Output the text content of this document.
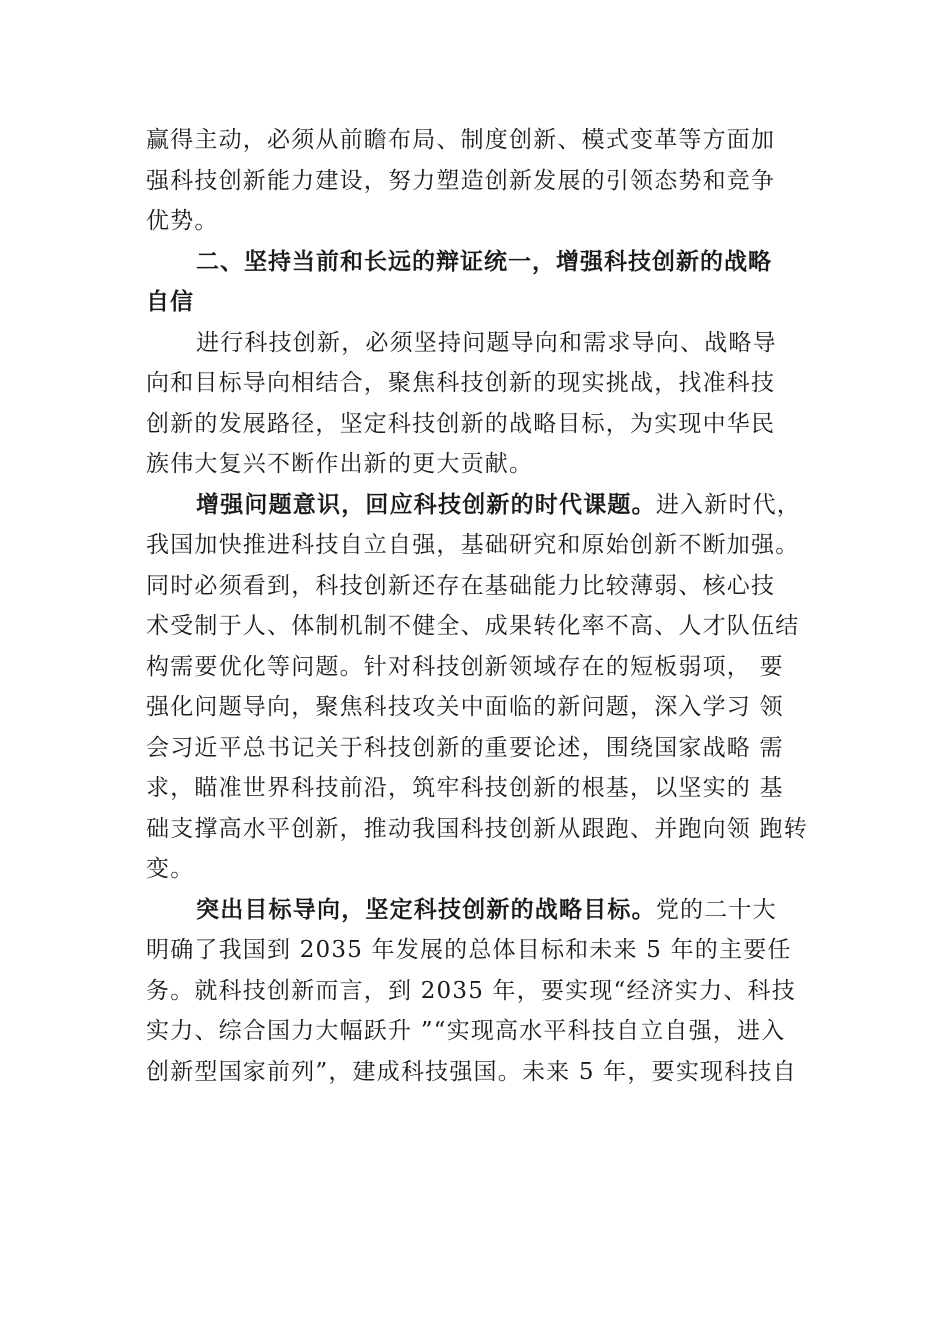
赢得主动，必须从前瞻布局、制度创新、模式变革等方面加
强科技创新能力建设，努力塑造创新发展的引领态势和竞争
优势。
二、坚持当前和长远的辩证统一，增强科技创新的战略
自信
进行科技创新，必须坚持问题导向和需求导向、战略导
向和目标导向相结合，聚焦科技创新的现实挑战，找准科技
创新的发展路径，坚定科技创新的战略目标，为实现中华民
族伟大复兴不断作出新的更大贡献。
增强问题意识，回应科技创新的时代课题。进入新时代，
我国加快推进科技自立自强，基础研究和原始创新不断加强。
同时必须看到，科技创新还存在基础能力比较薄弱、核心技
术受制于人、体制机制不健全、成果转化率不高、人才队伍结
构需要优化等问题。针对科技创新领域存在的短板弱项， 要
强化问题导向，聚焦科技攻关中面临的新问题，深入学习 领
会习近平总书记关于科技创新的重要论述，围绕国家战略 需
求，瞄准世界科技前沿，筑牢科技创新的根基，以坚实的 基
础支撑高水平创新，推动我国科技创新从跟跑、并跑向领 跑转
变。
突出目标导向，坚定科技创新的战略目标。党的二十大
明确了我国到 2035 年发展的总体目标和未来 5 年的主要任
务。就科技创新而言，到 2035 年，要实现“经济实力、科技
实力、综合国力大幅跃升 ”“实现高水平科技自立自强，进入
创新型国家前列”，建成科技强国。未来 5 年，要实现科技自
